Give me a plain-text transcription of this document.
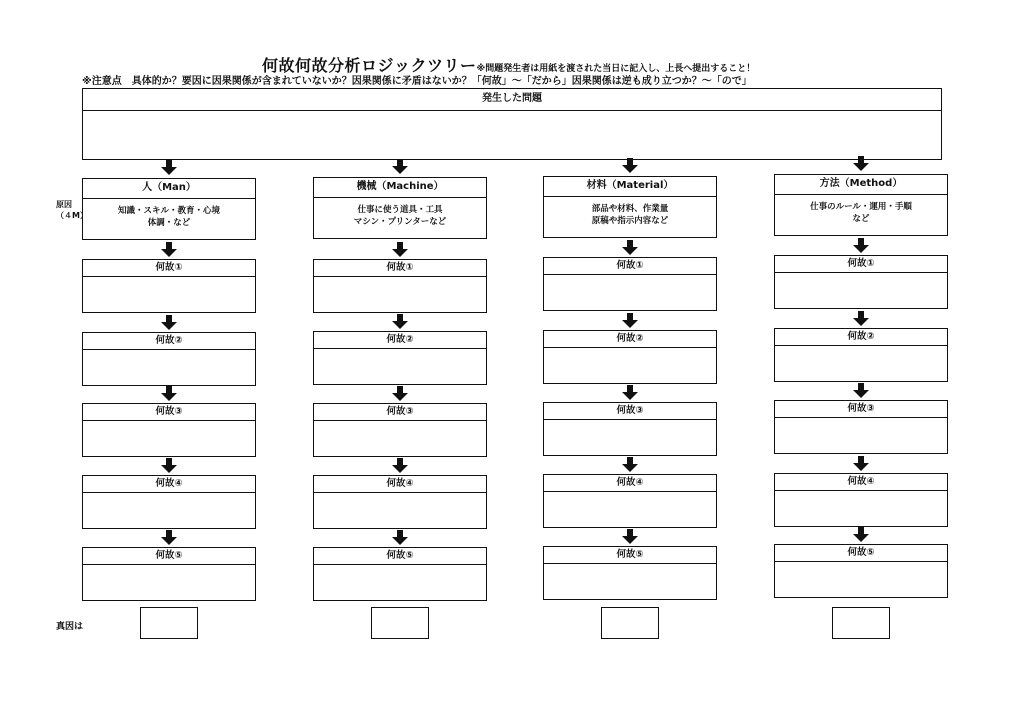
何故何故分析ロジックツリー※問題発生者は用紙を渡された当日に記入し、上長へ提出すること！
※注意点　具体的か？要因に因果関係が含まれていないか？因果関係に矛盾はないか？「何故」～「だから」因果関係は逆も成り立つか？～「ので」
発生した問題
原因
（４M）
人（Man）
知識・スキル・教育・心境
体調・など
何故①
何故②
何故③
何故④
何故⑤
機械（Machine）
仕事に使う道具・工具
マシン・プリンターなど
何故①
何故②
何故③
何故④
何故⑤
材料（Material）
部品や材料、作業量
原稿や指示内容など
何故①
何故②
何故③
何故④
何故⑤
方法（Method）
仕事のルール・運用・手順
など
何故①
何故②
何故③
何故④
何故⑤
真因は
